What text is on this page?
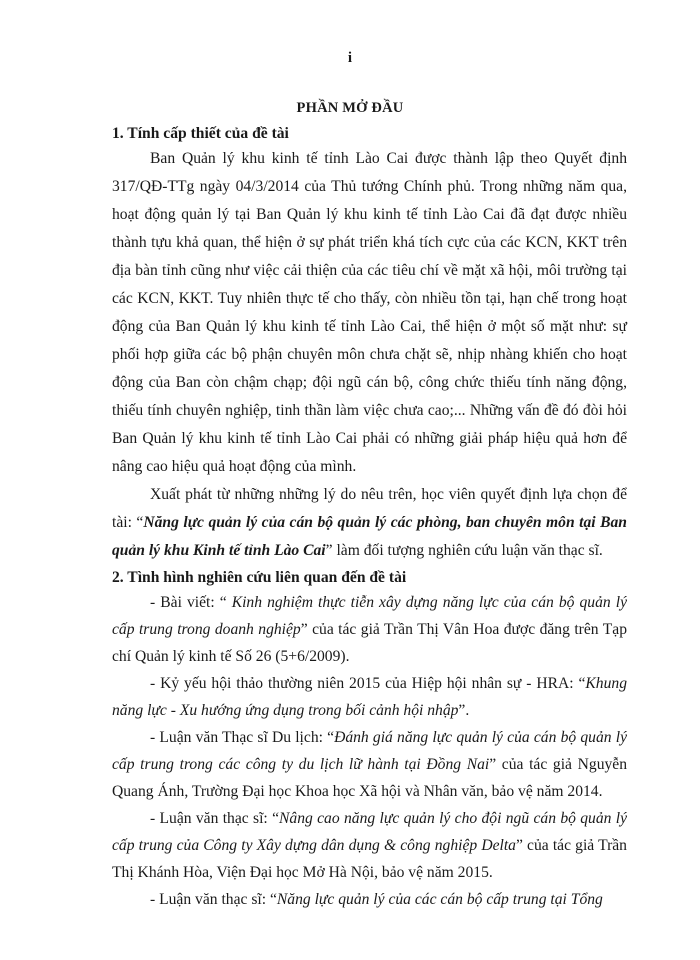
i
PHẦN MỞ ĐẦU

1. Tính cấp thiết của đề tài

Ban Quản lý khu kinh tế tỉnh Lào Cai được thành lập theo Quyết định 317/QĐ-TTg ngày 04/3/2014 của Thủ tướng Chính phủ. Trong những năm qua, hoạt động quản lý tại Ban Quản lý khu kinh tế tỉnh Lào Cai đã đạt được nhiều thành tựu khả quan, thể hiện ở sự phát triển khá tích cực của các KCN, KKT trên địa bàn tỉnh cũng như việc cải thiện của các tiêu chí về mặt xã hội, môi trường tại các KCN, KKT. Tuy nhiên thực tế cho thấy, còn nhiều tồn tại, hạn chế trong hoạt động của Ban Quản lý khu kinh tế tỉnh Lào Cai, thể hiện ở một số mặt như: sự phối hợp giữa các bộ phận chuyên môn chưa chặt sẽ, nhịp nhàng khiến cho hoạt động của Ban còn chậm chạp; đội ngũ cán bộ, công chức thiếu tính năng động, thiếu tính chuyên nghiệp, tinh thần làm việc chưa cao;... Những vấn đề đó đòi hỏi Ban Quản lý khu kinh tế tỉnh Lào Cai phải có những giải pháp hiệu quả hơn để nâng cao hiệu quả hoạt động của mình.

Xuất phát từ những những lý do nêu trên, học viên quyết định lựa chọn để tài: “Năng lực quản lý của cán bộ quản lý các phòng, ban chuyên môn tại Ban quản lý khu Kinh tế tỉnh Lào Cai” làm đối tượng nghiên cứu luận văn thạc sĩ.

2. Tình hình nghiên cứu liên quan đến đề tài

- Bài viết: “ Kinh nghiệm thực tiễn xây dựng năng lực của cán bộ quản lý cấp trung trong doanh nghiệp” của tác giả Trần Thị Vân Hoa được đăng trên Tạp chí Quản lý kinh tế Số 26 (5+6/2009).

- Kỷ yếu hội thảo thường niên 2015 của Hiệp hội nhân sự - HRA: “Khung năng lực - Xu hướng ứng dụng trong bối cảnh hội nhập”.

- Luận văn Thạc sĩ Du lịch: “Đánh giá năng lực quản lý của cán bộ quản lý cấp trung trong các công ty du lịch lữ hành tại Đồng Nai” của tác giả Nguyễn Quang Ánh, Trường Đại học Khoa học Xã hội và Nhân văn, bảo vệ năm 2014.

- Luận văn thạc sĩ: “Nâng cao năng lực quản lý cho đội ngũ cán bộ quản lý cấp trung của Công ty Xây dựng dân dụng & công nghiệp Delta” của tác giả Trần Thị Khánh Hòa, Viện Đại học Mở Hà Nội, bảo vệ năm 2015.

- Luận văn thạc sĩ: “Năng lực quản lý của các cán bộ cấp trung tại Tổng
